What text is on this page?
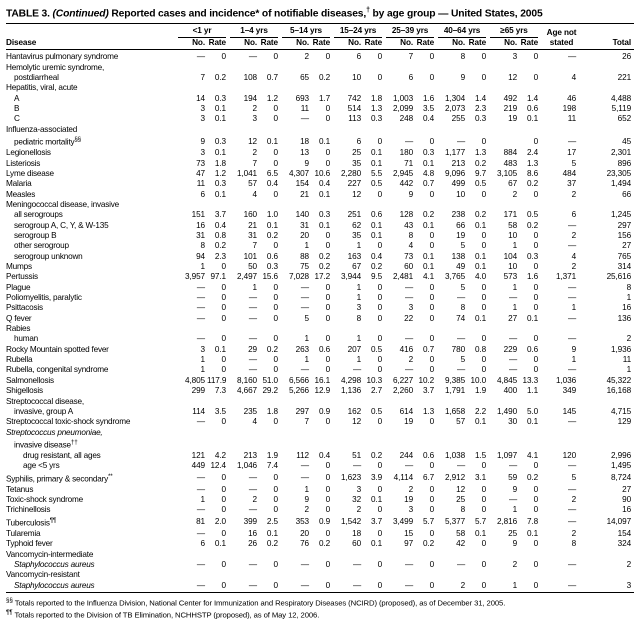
TABLE 3. (Continued) Reported cases and incidence* of notifiable diseases,† by age group — United States, 2005
Disease	<1 yr		1–4 yrs		5–14 yrs		15–24 yrs		25–39 yrs		40–64 yrs		≥65 yrs		Age not	
	No.	Rate	No.	Rate	No.	Rate	No.	Rate	No.	Rate	No.	Rate	No.	Rate	stated	Total
Hantavirus pulmonary syndrome	—	0	—	0	2	0	6	0	7	0	8	0	3	0	—	26
Hemolytic uremic syndrome,																
postdiarrheal	7	0.2	108	0.7	65	0.2	10	0	6	0	9	0	12	0	4	221
Hepatitis, viral, acute																
A	14	0.3	194	1.2	693	1.7	742	1.8	1,003	1.6	1,304	1.4	492	1.4	46	4,488
B	3	0.1	2	0	11	0	514	1.3	2,099	3.5	2,073	2.3	219	0.6	198	5,119
C	3	0.1	3	0	—	0	113	0.3	248	0.4	255	0.3	19	0.1	11	652
Influenza-associated																
pediatric mortality§§	9	0.3	12	0.1	18	0.1	6	0	—	0	—	0		0	—	45
Legionellosis	3	0.1	2	0	13	0	25	0.1	180	0.3	1,177	1.3	884	2.4	17	2,301
Listeriosis	73	1.8	7	0	9	0	35	0.1	71	0.1	213	0.2	483	1.3	5	896
Lyme disease	47	1.2	1,041	6.5	4,307	10.6	2,280	5.5	2,945	4.8	9,096	9.7	3,105	8.6	484	23,305
Malaria	11	0.3	57	0.4	154	0.4	227	0.5	442	0.7	499	0.5	67	0.2	37	1,494
Measles	6	0.1	4	0	21	0.1	12	0	9	0	10	0	2	0	2	66
Meningococcal disease, invasive																
all serogroups	151	3.7	160	1.0	140	0.3	251	0.6	128	0.2	238	0.2	171	0.5	6	1,245
serogroup A, C, Y, & W-135	16	0.4	21	0.1	31	0.1	62	0.1	43	0.1	66	0.1	58	0.2	—	297
serogroup B	31	0.8	31	0.2	20	0	35	0.1	8	0	19	0	10	0	2	156
other serogroup	8	0.2	7	0	1	0	1	0	4	0	5	0	1	0	—	27
serogroup unknown	94	2.3	101	0.6	88	0.2	163	0.4	73	0.1	138	0.1	104	0.3	4	765
Mumps	1	0	50	0.3	75	0.2	67	0.2	60	0.1	49	0.1	10	0	2	314
Pertussis	3,957	97.1	2,497	15.6	7,028	17.2	3,944	9.5	2,481	4.1	3,765	4.0	573	1.6	1,371	25,616
Plague	—	0	1	0	—	0	1	0	—	0	5	0	1	0	—	8
Poliomyelitis, paralytic	—	0	—	0	—	0	1	0	—	0	—	0	—	0	—	1
Psittacosis	—	0	—	0	—	0	3	0	3	0	8	0	1	0	1	16
Q fever	—	0	—	0	5	0	8	0	22	0	74	0.1	27	0.1	—	136
Rabies																
human	—	0	—	0	1	0	1	0	—	0	—	0	—	0	—	2
Rocky Mountain spotted fever	3	0.1	29	0.2	263	0.6	207	0.5	416	0.7	780	0.8	229	0.6	9	1,936
Rubella	1	0	—	0	1	0	1	0	2	0	5	0	—	0	1	11
Rubella, congenital syndrome	1	0	—	0	—	0	—	0	—	0	—	0	—	0	—	1
Salmonellosis	4,805	117.9	8,160	51.0	6,566	16.1	4,298	10.3	6,227	10.2	9,385	10.0	4,845	13.3	1,036	45,322
Shigellosis	299	7.3	4,667	29.2	5,266	12.9	1,136	2.7	2,260	3.7	1,791	1.9	400	1.1	349	16,168
Streptococcal disease,																
invasive, group A	114	3.5	235	1.8	297	0.9	162	0.5	614	1.3	1,658	2.2	1,490	5.0	145	4,715
Streptococcal toxic-shock syndrome	—	0	4	0	7	0	12	0	19	0	57	0.1	30	0.1	—	129
Streptococcus pneumoniae,																
invasive disease††
drug resistant, all ages	121	4.2	213	1.9	112	0.4	51	0.2	244	0.6	1,038	1.5	1,097	4.1	120	2,996
age <5 yrs	449	12.4	1,046	7.4	—	0	—	0	—	0	—	0	—	0	—	1,495
Syphilis, primary & secondary**	—	0	—	0	—	0	1,623	3.9	4,114	6.7	2,912	3.1	59	0.2	5	8,724
Tetanus	—	0	—	0	1	0	3	0	2	0	12	0	9	0	—	27
Toxic-shock syndrome	1	0	2	0	9	0	32	0.1	19	0	25	0	—	0	2	90
Trichinellosis	—	0	—	0	2	0	2	0	3	0	8	0	1	0	—	16
Tuberculosis¶¶	81	2.0	399	2.5	353	0.9	1,542	3.7	3,499	5.7	5,377	5.7	2,816	7.8	—	14,097
Tularemia	—	0	16	0.1	20	0	18	0	15	0	58	0.1	25	0.1	2	154
Typhoid fever	6	0.1	26	0.2	76	0.2	60	0.1	97	0.2	42	0	9	0	8	324
Vancomycin-intermediate																
Staphylococcus aureus	—	0	—	0	—	0	—	0	—	0	—	0	2	0	—	2
Vancomycin-resistant																
Staphylococcus aureus	—	0	—	0	—	0	—	0	—	0	2	0	1	0	—	3
§§ Totals reported to the Influenza Division, National Center for Immunization and Respiratory Diseases (NCIRD) (proposed), as of December 31, 2005.
¶¶ Totals reported to the Division of TB Elimination, NCHHSTP (proposed), as of May 12, 2006.
